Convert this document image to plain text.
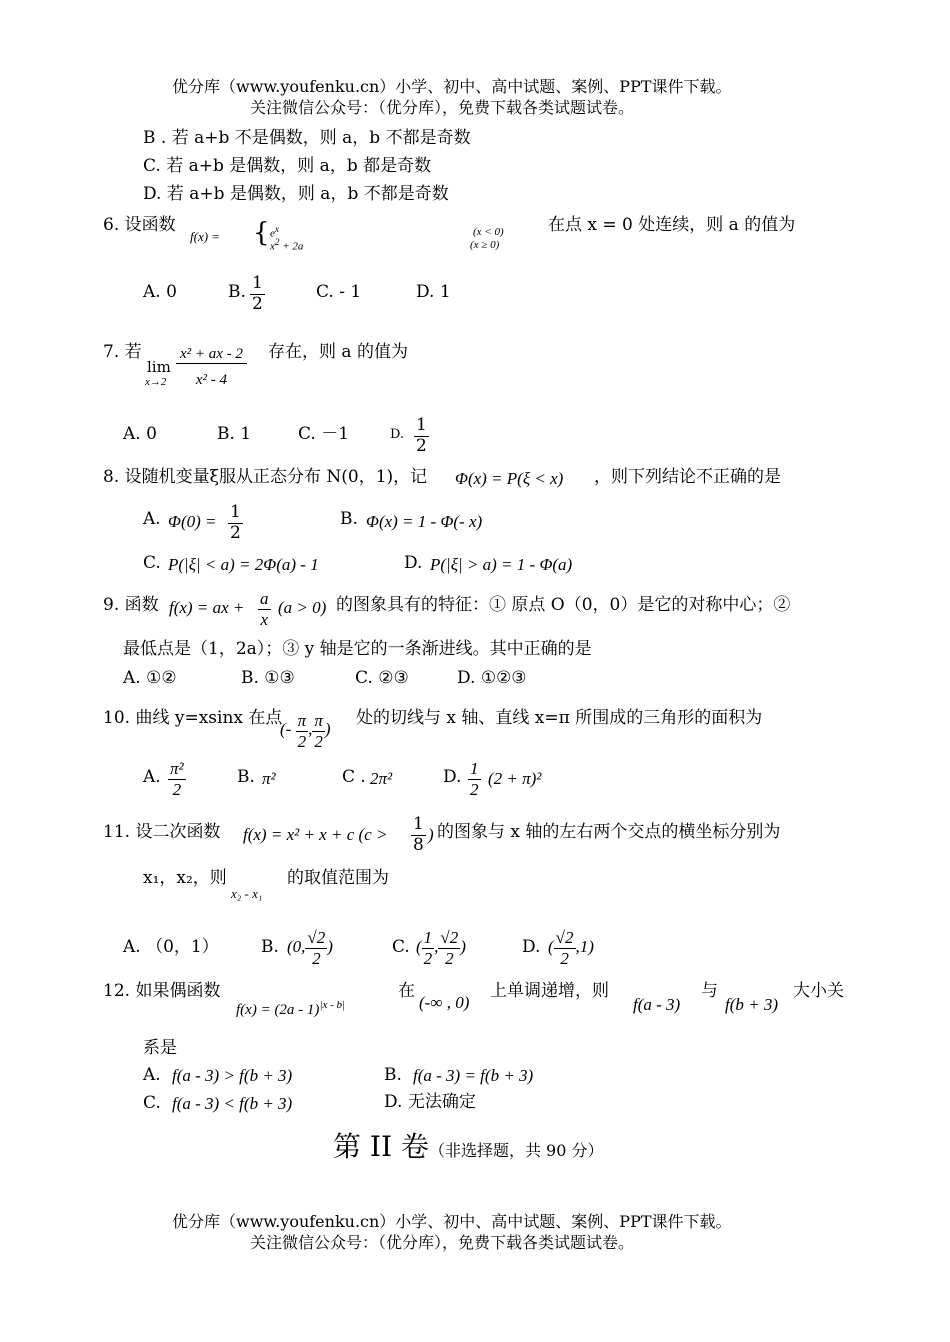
优分库（www.youfenku.cn）小学、初中、高中试题、案例、PPT课件下载。
关注微信公众号：（优分库），免费下载各类试题试卷。
B . 若 a+b 不是偶数，则 a，b 不都是奇数
C. 若 a+b 是偶数，则 a，b 都是奇数
D. 若 a+b 是偶数，则 a，b 不都是奇数
6. 设函数
f(x) = { $e^x$
$x^2 + 2a$
(x < 0)
(x ≥ 0)
在点 x = 0 处连续，则 a 的值为
A. 0	B. $\frac{1}{2}$	C. - 1	D. 1
7. 若
lim
$x\to 2 \frac{\text{x² + ax - 2}}{\text{x² - 4}}$ 存在，则 a 的值为
A. 0	B. 1	C. －1	D. $\frac{1}{2}$
8. 设随机变量ξ服从正态分布 N(0，1)，记 Φ(x) = P(ξ < x) ，则下列结论不正确的是
A. $\Phi(0) = \frac{1}{2}$	B. Φ(x) = 1 - Φ(- x)
C. P(|ξ| < a) = 2Φ(a) - 1	D. P(|ξ| > a) = 1 - Φ(a)
9. 函数 f(x) = ax + $\frac{a}{x} (a > 0)$ 的图象具有的特征：① 原点 O（0，0）是它的对称中心；②
最低点是（1，2a）；③ y 轴是它的一条渐进线。其中正确的是
A. ①②	B. ①③	C. ②③	D. ①②③
10. 曲线 y=xsinx 在点
(- $\frac{\pi}{2}$ , $\frac{\pi}{2}$ )
处的切线与 x 轴、直线 x=π 所围成的三角形的面积为
A. $\frac{\text{π²}}{2}$	B. π²	C . 2π²	D. $\frac{1}{2} (2 + \pi)^2$
11. 设二次函数 f(x) = x² + x + c ($c > \frac{1}{8}$ ) 的图象与 x 轴的左右两个交点的横坐标分别为
x₁，x₂，则
x₂ - x₁
的取值范围为
A. （0，1） B. (0, $\frac{√2}{2}$ )	C. ( $\frac{1}{2}$ , $\frac{√2}{2}$ )	D. ( $\frac{√2}{2} ,1$)
12. 如果偶函数
f(x) = (2a - 1)$^{|x - b|}$
在
(-∞ , 0)
上单调递增，则
f(a - 3)
与
f(b + 3)
大小关
系是
A. f(a - 3) > f(b + 3)	B. f(a - 3) = f(b + 3)
C. f(a - 3) < f(b + 3)	D. 无法确定
第 II 卷（非选择题，共 90 分）
优分库（www.youfenku.cn）小学、初中、高中试题、案例、PPT课件下载。
关注微信公众号：（优分库），免费下载各类试题试卷。
